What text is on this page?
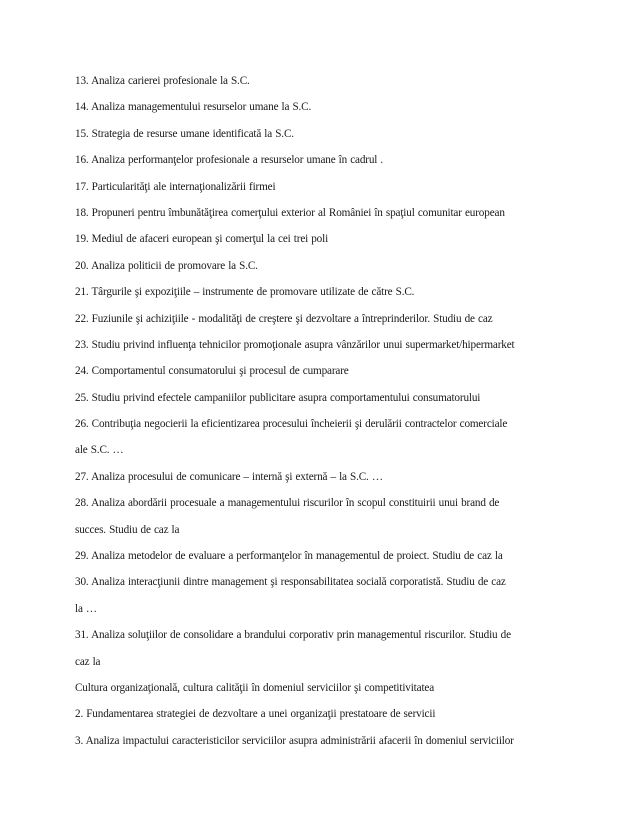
13. Analiza carierei profesionale la S.C.
14. Analiza managementului resurselor umane la S.C.
15. Strategia de resurse umane identificată la S.C.
16. Analiza performanţelor profesionale a resurselor umane în cadrul .
17. Particularităţi ale internaţionalizării firmei
18. Propuneri pentru îmbunătăţirea comerţului exterior al României în spaţiul comunitar european
19. Mediul de afaceri european şi comerţul la cei trei poli
20. Analiza politicii de promovare la S.C.
21. Târgurile şi expoziţiile – instrumente de promovare utilizate de către S.C.
22. Fuziunile şi achiziţiile - modalităţi de creştere şi dezvoltare a întreprinderilor. Studiu de caz
23. Studiu privind influenţa tehnicilor promoţionale asupra vânzărilor unui supermarket/hipermarket
24. Comportamentul consumatorului şi procesul de cumparare
25. Studiu privind efectele campaniilor publicitare asupra comportamentului consumatorului
26. Contribuţia negocierii la eficientizarea procesului încheierii şi derulării contractelor comerciale
ale S.C. …
27. Analiza procesului de comunicare – internă şi externă – la S.C. …
28. Analiza abordării procesuale a managementului riscurilor în scopul constituirii unui brand de
succes. Studiu de caz la
29. Analiza metodelor de evaluare a performanţelor în managementul de proiect. Studiu de caz la
30. Analiza interacţiunii dintre management şi responsabilitatea socială corporatistă. Studiu de caz
la …
31. Analiza soluţiilor de consolidare a brandului corporativ prin managementul riscurilor. Studiu de
caz la
Cultura organizaţională, cultura calităţii în domeniul serviciilor şi competitivitatea
2. Fundamentarea strategiei de dezvoltare a unei organizaţii prestatoare de servicii
3. Analiza impactului caracteristicilor serviciilor asupra administrării afacerii în domeniul serviciilor
